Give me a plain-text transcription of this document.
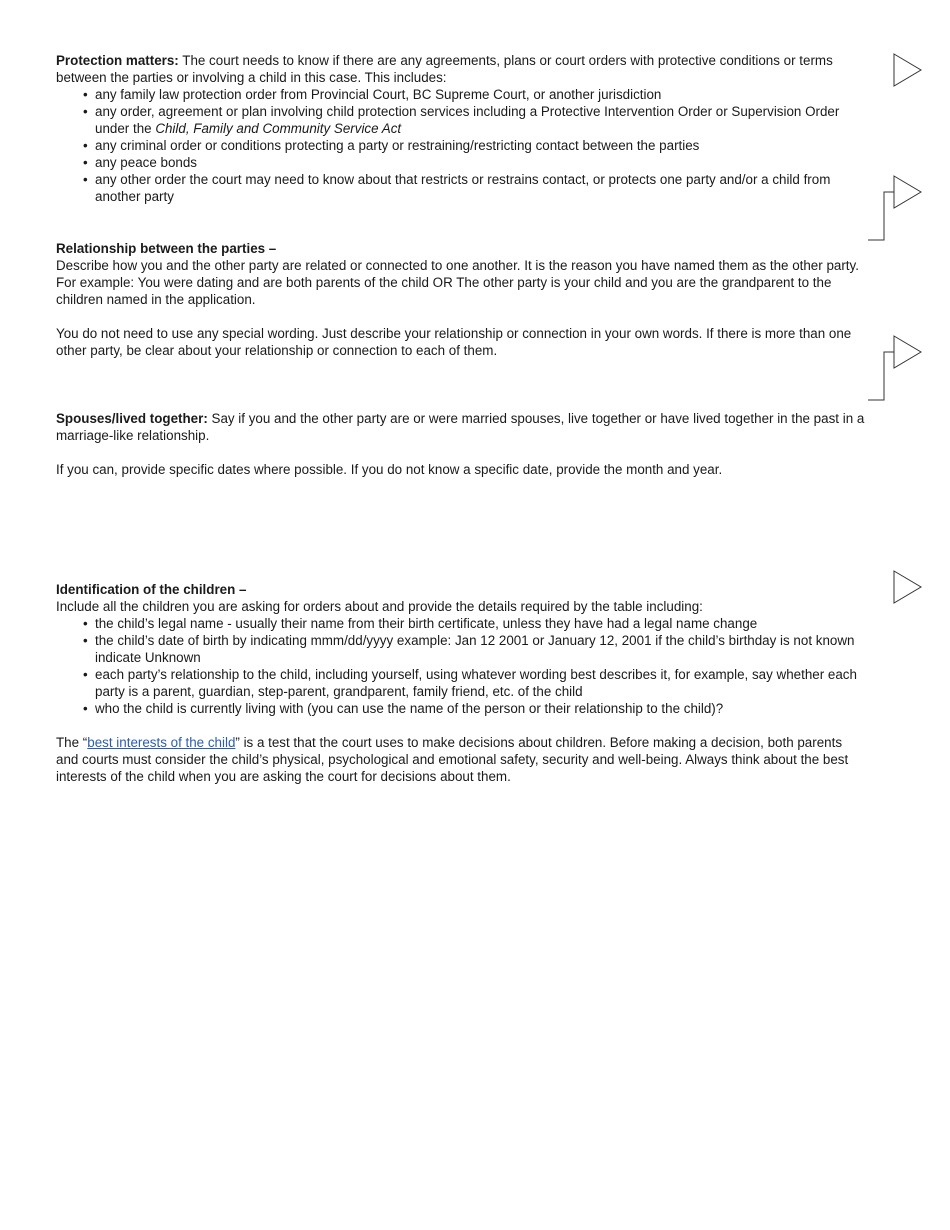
Protection matters: The court needs to know if there are any agreements, plans or court orders with protective conditions or terms between the parties or involving a child in this case. This includes:

• any family law protection order from Provincial Court, BC Supreme Court, or another jurisdiction
• any order, agreement or plan involving child protection services including a Protective Intervention Order or Supervision Order under the Child, Family and Community Service Act
• any criminal order or conditions protecting a party or restraining/restricting contact between the parties
• any peace bonds
• any other order the court may need to know about that restricts or restrains contact, or protects one party and/or a child from another party

Relationship between the parties –

Describe how you and the other party are related or connected to one another. It is the reason you have named them as the other party. For example: You were dating and are both parents of the child OR The other party is your child and you are the grandparent to the children named in the application.

You do not need to use any special wording. Just describe your relationship or connection in your own words. If there is more than one other party, be clear about your relationship or connection to each of them.

Spouses/lived together: Say if you and the other party are or were married spouses, live together or have lived together in the past in a marriage-like relationship.

If you can, provide specific dates where possible. If you do not know a specific date, provide the month and year.

Identification of the children –

Include all the children you are asking for orders about and provide the details required by the table including:

• the child’s legal name - usually their name from their birth certificate, unless they have had a legal name change
• the child’s date of birth by indicating mmm/dd/yyyy example: Jan 12 2001 or January 12, 2001 if the child’s birthday is not known indicate Unknown
• each party’s relationship to the child, including yourself, using whatever wording best describes it, for example, say whether each party is a parent, guardian, step-parent, grandparent, family friend, etc. of the child
• who the child is currently living with (you can use the name of the person or their relationship to the child)?

The “best interests of the child” is a test that the court uses to make decisions about children. Before making a decision, both parents and courts must consider the child’s physical, psychological and emotional safety, security and well-being. Always think about the best interests of the child when you are asking the court for decisions about them.
